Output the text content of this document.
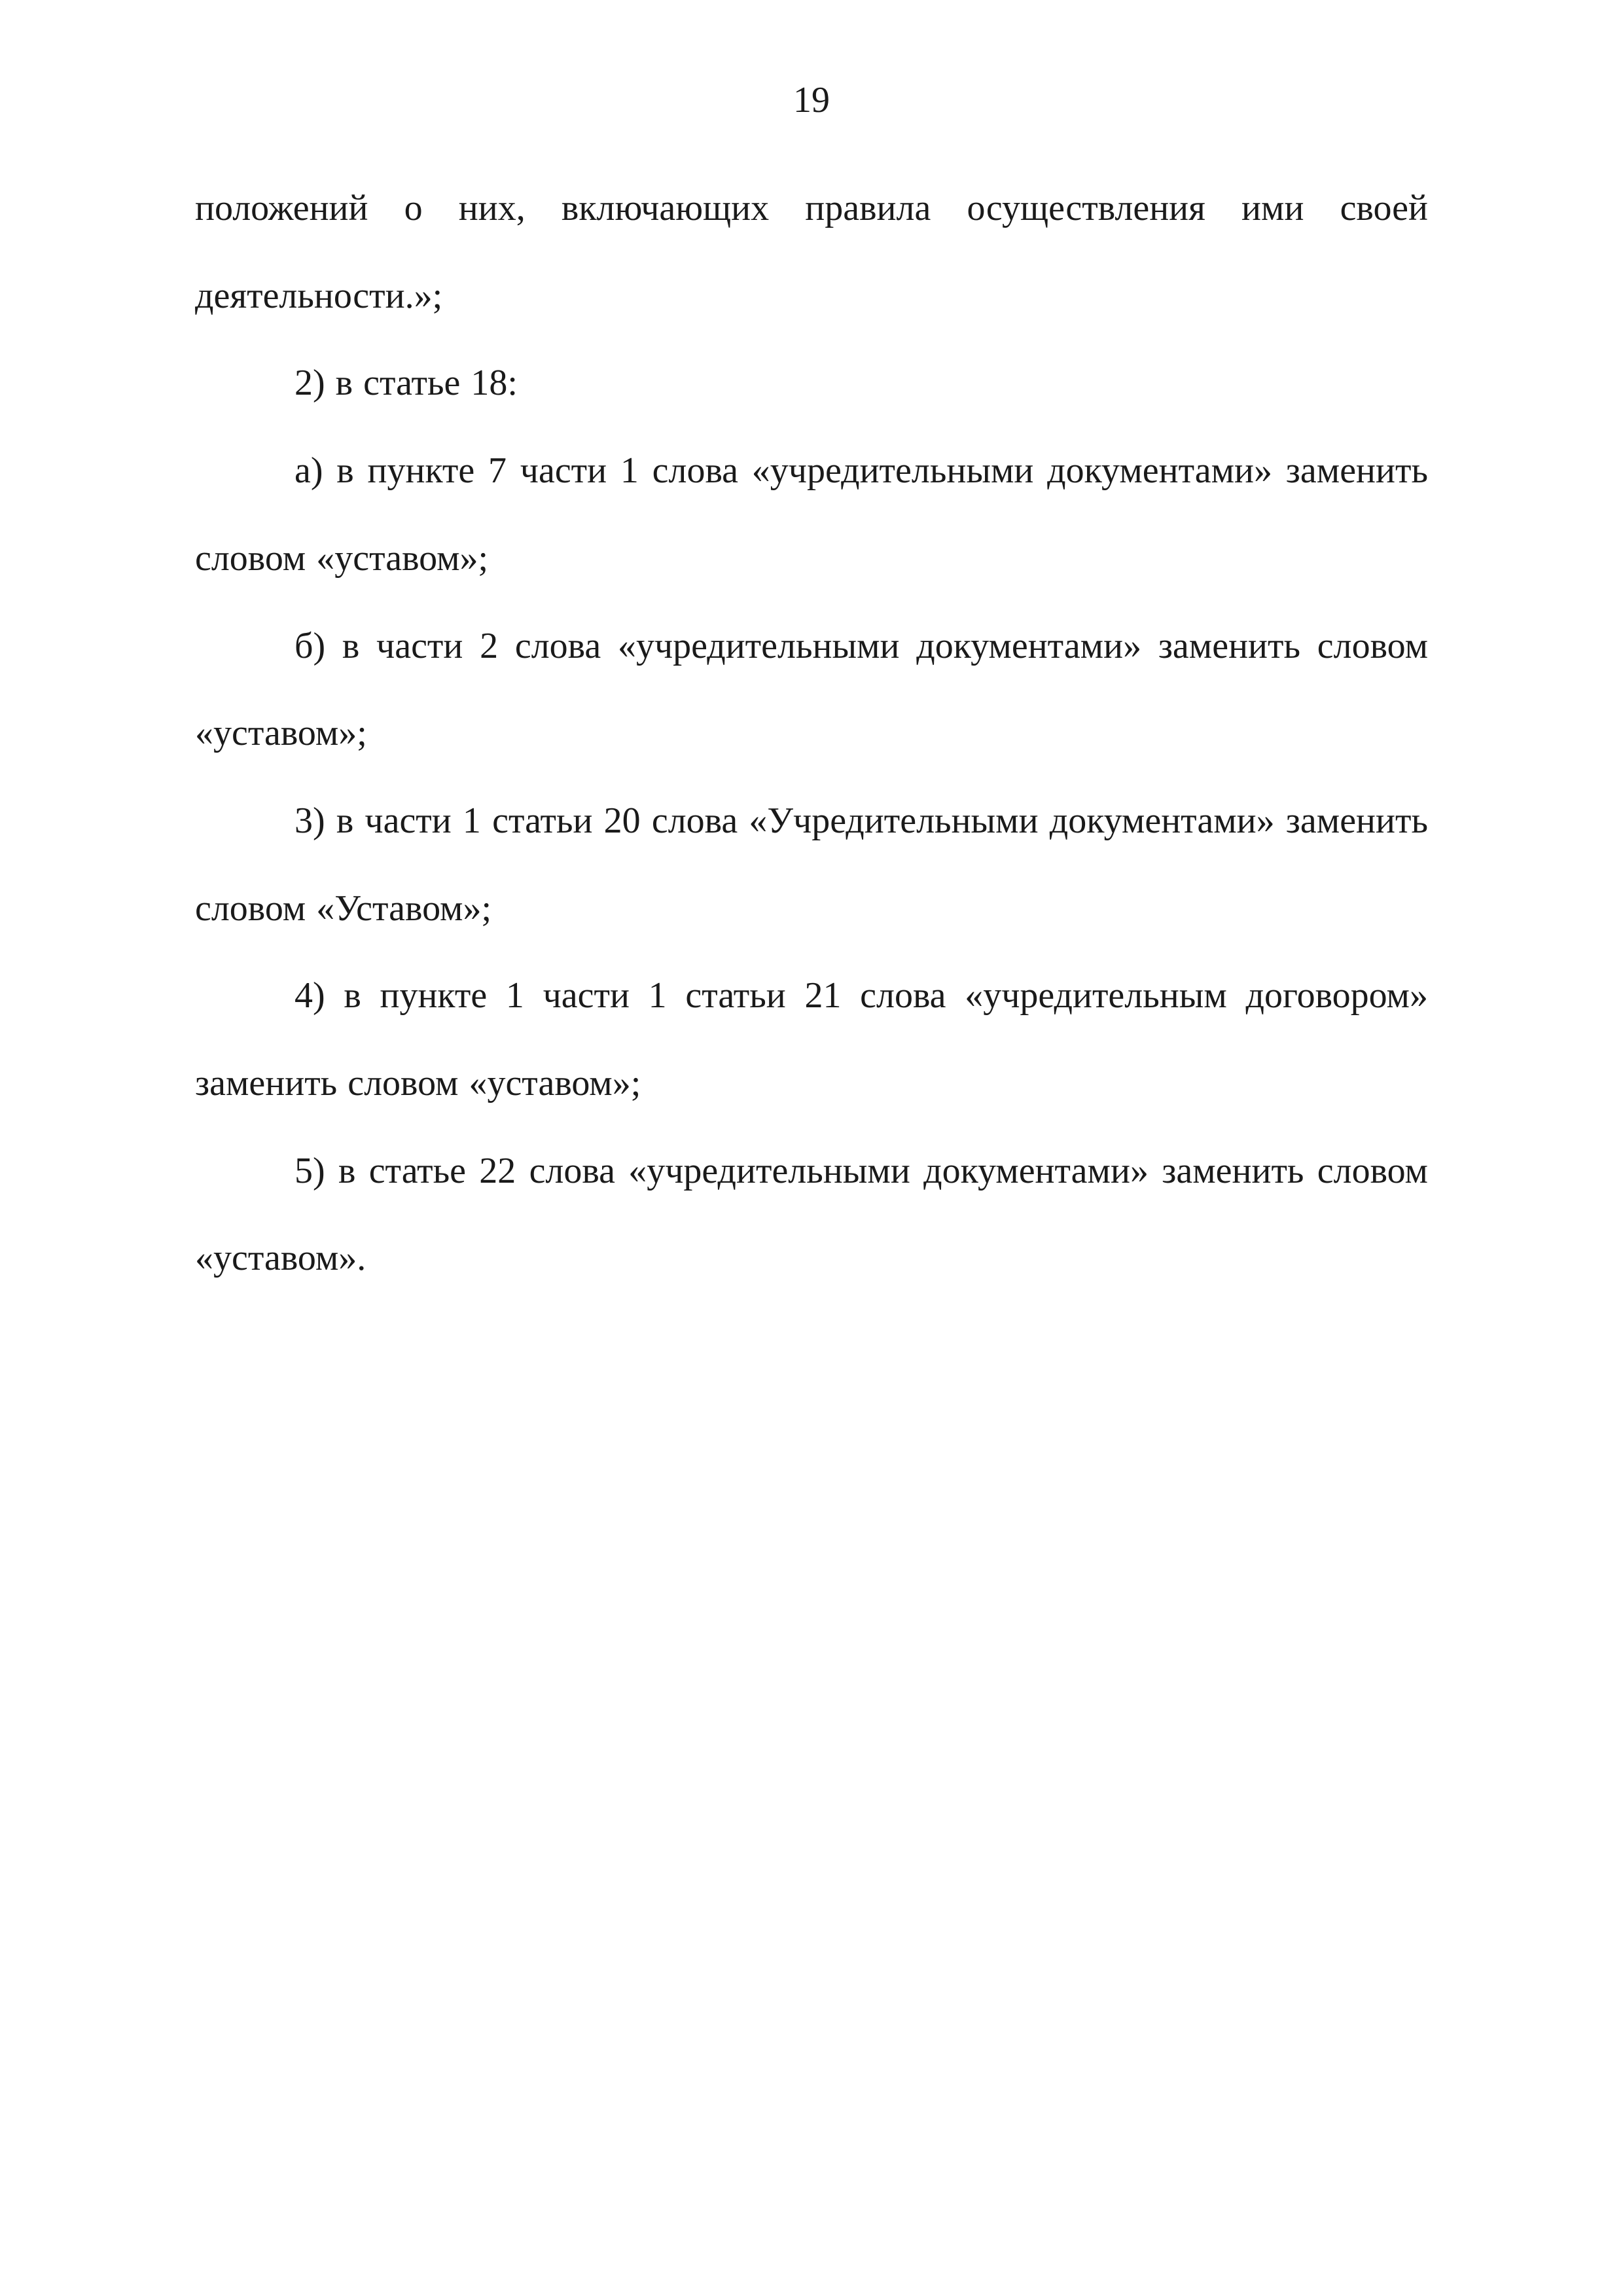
19

положений о них, включающих правила осуществления ими своей деятельности.»;

2) в статье 18:

а) в пункте 7 части 1 слова «учредительными документами» заменить словом «уставом»;

б) в части 2 слова «учредительными документами» заменить словом «уставом»;

3) в части 1 статьи 20 слова «Учредительными документами» заменить словом «Уставом»;

4) в пункте 1 части 1 статьи 21 слова «учредительным договором» заменить словом «уставом»;

5) в статье 22 слова «учредительными документами» заменить словом «уставом».
